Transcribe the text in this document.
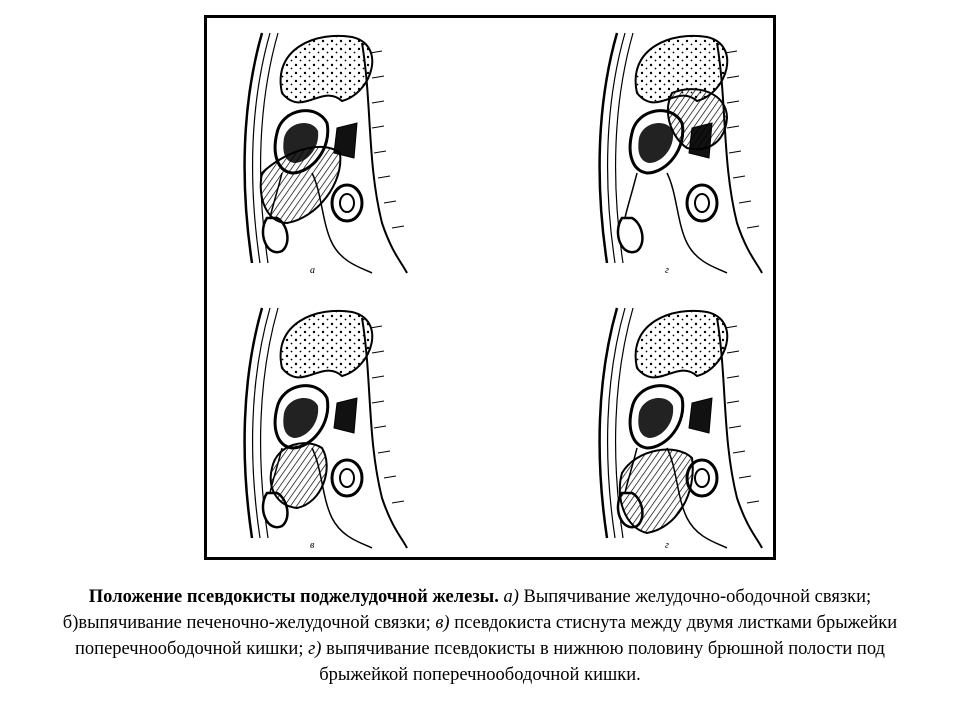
а	г
в	г
Положение псевдокисты поджелудочной железы. а) Выпячивание желудочно-ободочной связки; б)выпячивание печеночно-желудочной связки; в) псевдокиста стиснута между двумя листками брыжейки поперечноободочной кишки; г) выпячивание псевдокисты в нижнюю половину брюшной полости под брыжейкой поперечноободочной кишки.
